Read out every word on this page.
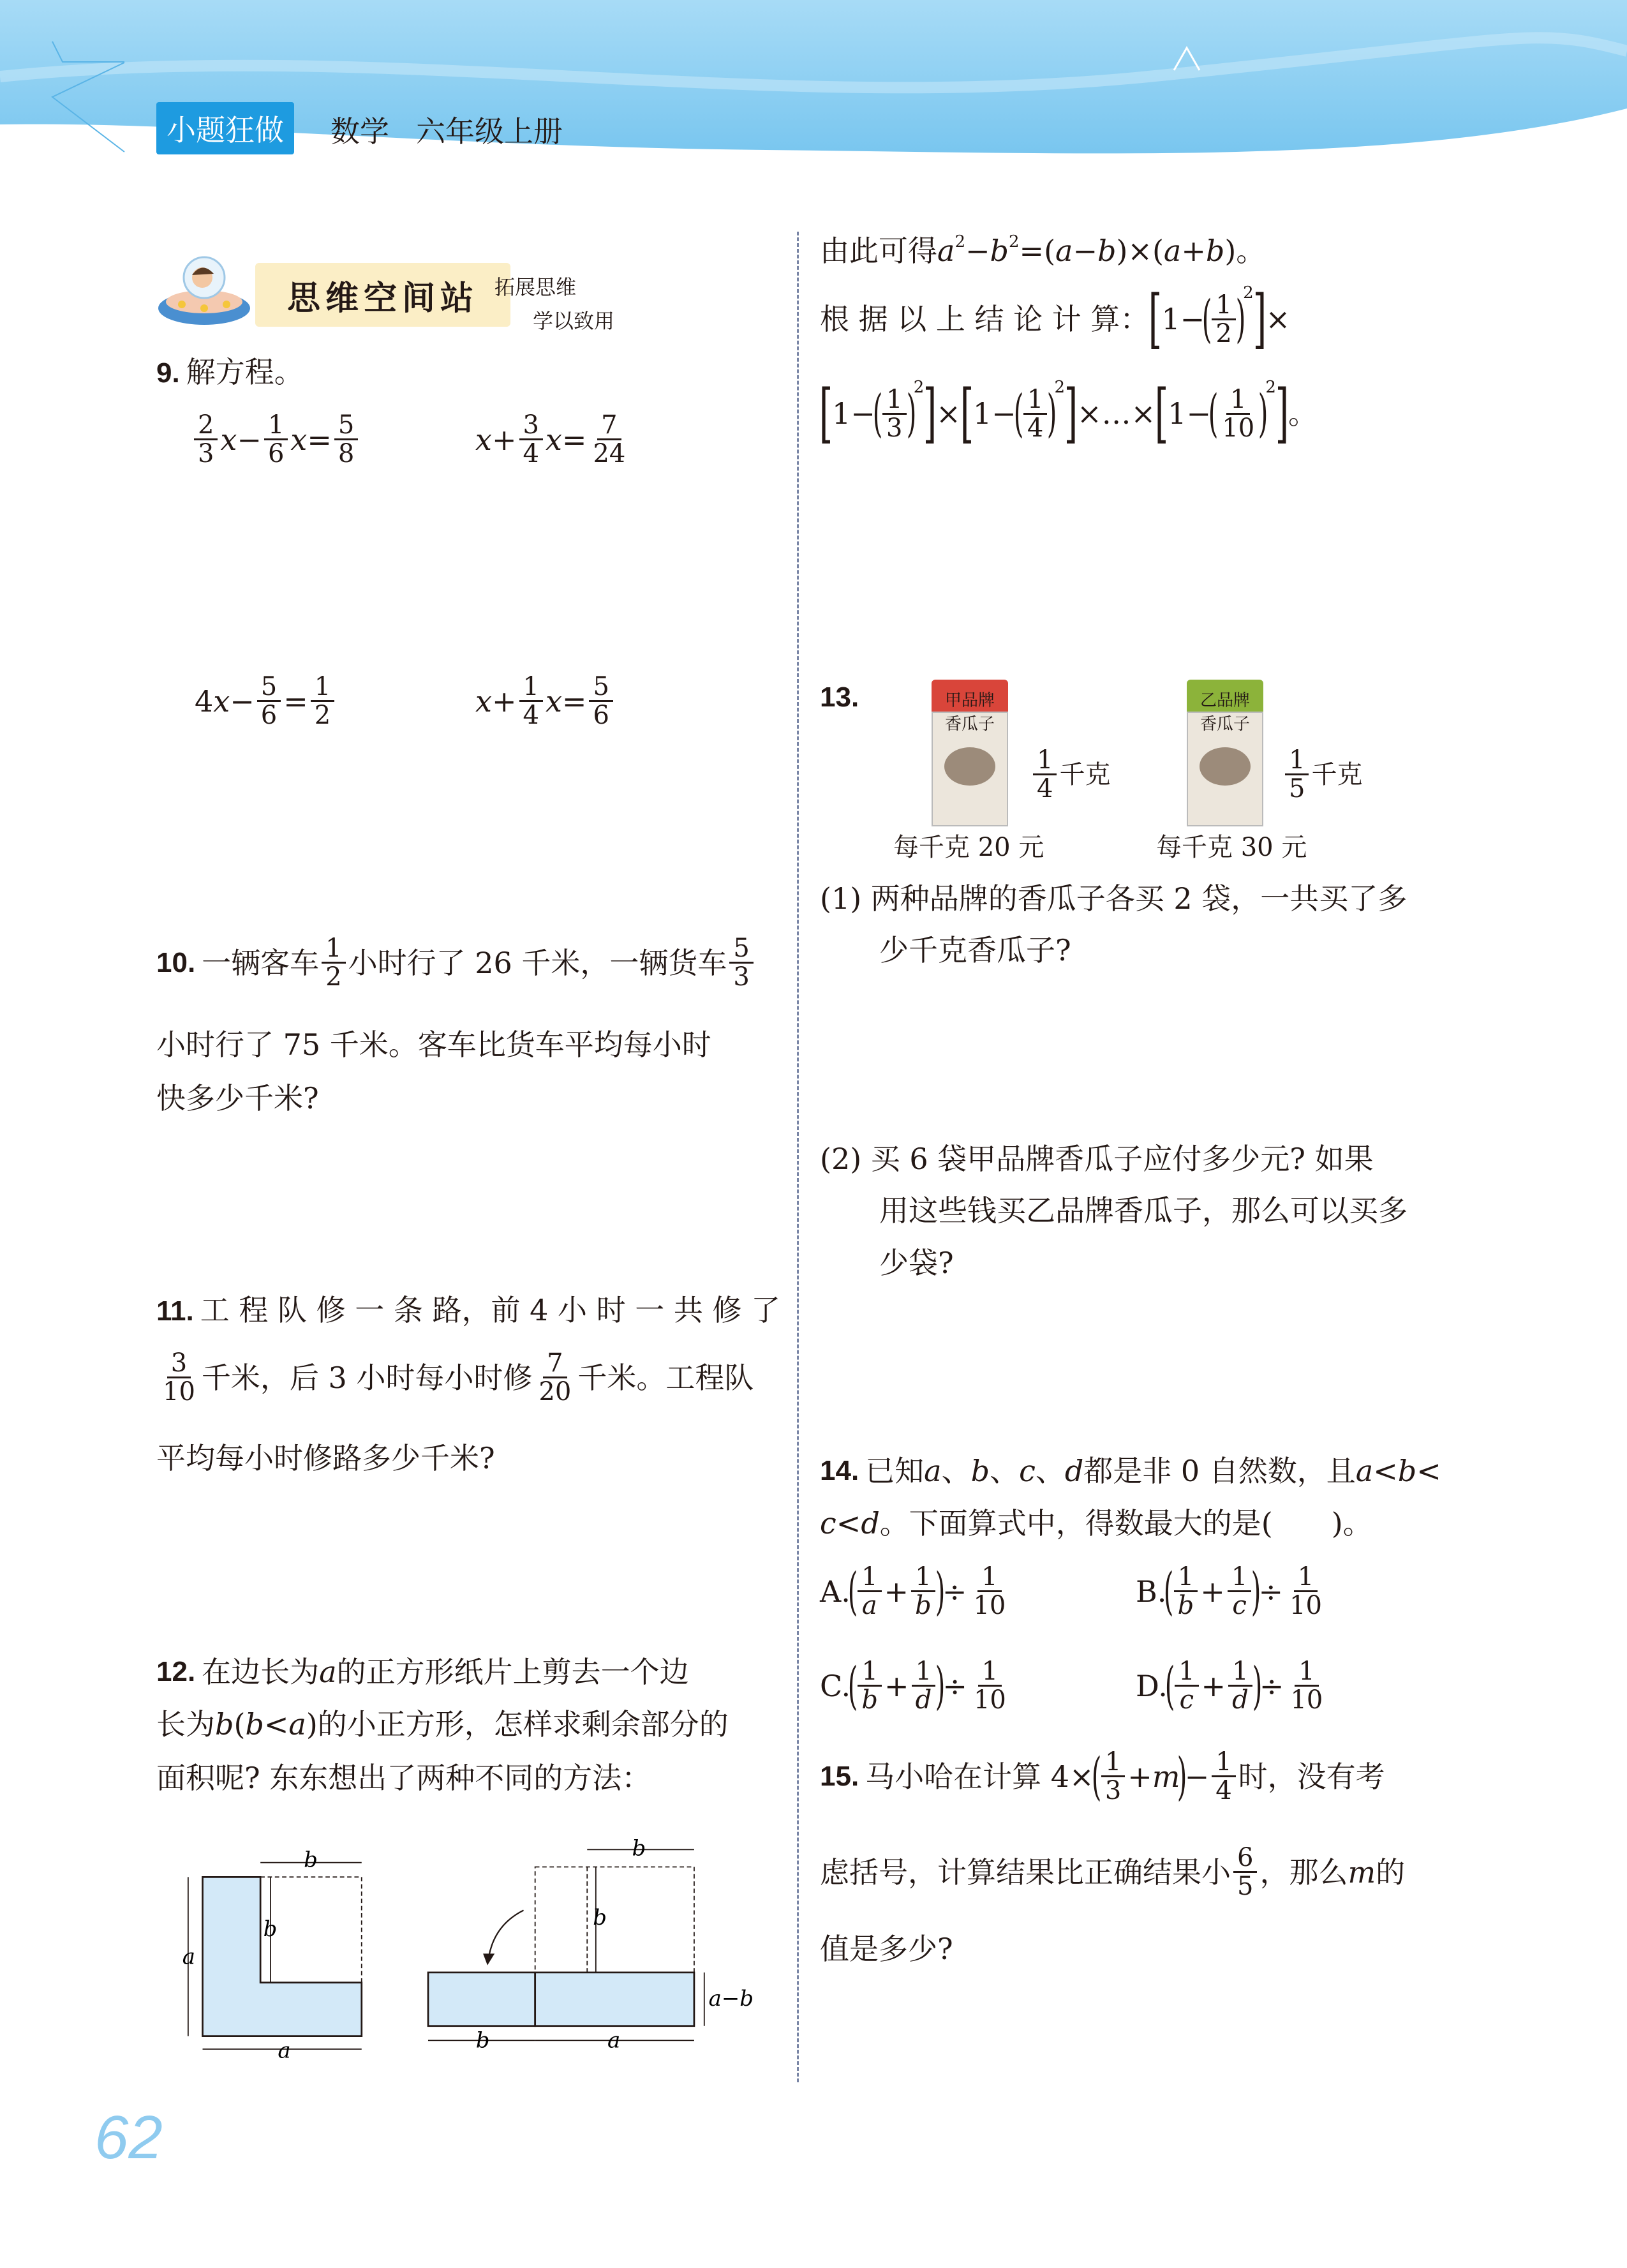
小题狂做	数学 六年级上册
思维空间站 拓展思维
学以致用
9. 解方程。
$\frac{2}{3}$ $x - \frac{1}{6}$ $x = \frac{5}{8}$	$x + \frac{3}{4}$ $x = \frac{7}{24}$
4 $x - \frac{5}{6} = \frac{1}{2}$	$x + \frac{1}{4}$ $x = \frac{5}{6}$
10. 一辆客车 $\frac{1}{2}$ 小时行了 26 千米，一辆货车 $\frac{5}{3}$
小时行了 75 千米。客车比货车平均每小时
快多少千米?
11. 工 程 队 修 一 条 路，前 4 小 时 一 共 修 了
$\frac{3}{10}$ 千米，后 3 小时每小时修 $\frac{7}{20}$ 千米。工程队
平均每小时修路多少千米?
12. 在边长为 a 的正方形纸片上剪去一个边
长为 b ( b < a )的小正方形，怎样求剩余部分的
面积呢? 东东想出了两种不同的方法：
b
b
a
a
b
b
a−b
b	a
62
由此可得 a 2 − b 2 =( a − b )×( a + b )。
根 据 以 上 结 论 计 算：
[
1−
( $\frac{1}{2}$ )
2
]
×
[
1−
( $\frac{1}{3}$ )
2
]
×
[
1−
( $\frac{1}{4}$ )
2
]
×…×
[
1−
( $\frac{1}{10}$ )
2
]
。
13.	甲品牌
香瓜子
$\frac{1}{4}$ 千克
每千克 20 元
乙品牌
香瓜子
$\frac{1}{5}$ 千克
每千克 30 元
(1) 两种品牌的香瓜子各买 2 袋，一共买了多
少千克香瓜子?
(2) 买 6 袋甲品牌香瓜子应付多少元? 如果
用这些钱买乙品牌香瓜子，那么可以买多
少袋?
14. 已知 a 、 b 、 c 、 d 都是非 0 自然数，且 a < b <
c < d 。下面算式中，得数最大的是(　　)。
A.
( $\frac{1}{a} + \frac{1}{b}$ )
÷ $\frac{1}{10}$	B.
( $\frac{1}{b} + \frac{1}{c}$ )
÷ $\frac{1}{10}$
C.
( $\frac{1}{b} + \frac{1}{d}$ )
÷ $\frac{1}{10}$	D.
( $\frac{1}{c} + \frac{1}{d}$ )
÷ $\frac{1}{10}$
15. 马小哈在计算 4×
( $\frac{1}{3} + m$
)
− $\frac{1}{4}$ 时，没有考
虑括号，计算结果比正确结果小 $\frac{6}{5}$ ，那么 m 的
值是多少?
